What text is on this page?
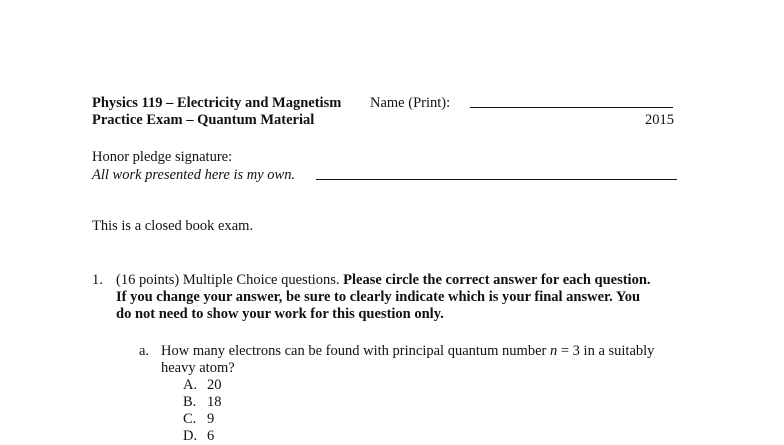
Physics 119 – Electricity and Magnetism Name (Print):
Practice Exam – Quantum Material	2015
Honor pledge signature:
All work presented here is my own.
This is a closed book exam.
1. (16 points) Multiple Choice questions. Please circle the correct answer for each question.
If you change your answer, be sure to clearly indicate which is your final answer. You
do not need to show your work for this question only.
a. How many electrons can be found with principal quantum number n = 3 in a suitably
heavy atom?
A. 20
B. 18
C. 9
D. 6
